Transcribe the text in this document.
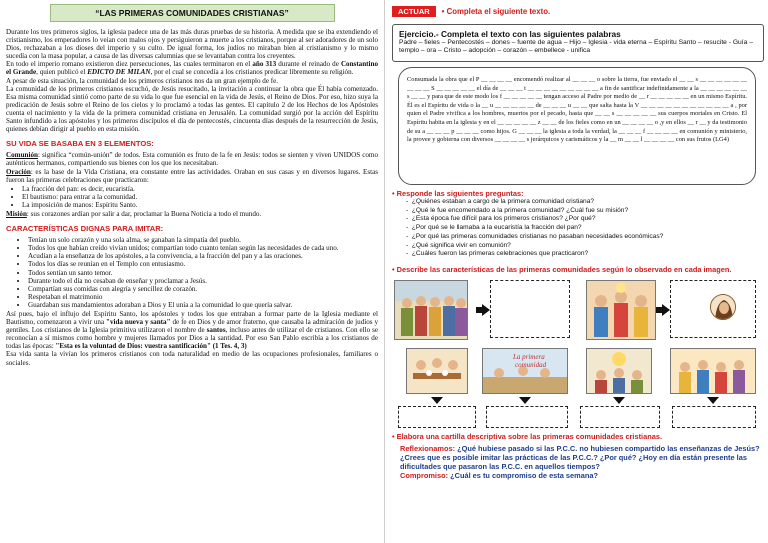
“LAS PRIMERAS COMUNIDADES CRISTIANAS”

Durante los tres primeros siglos, la iglesia padece una de las más duras pruebas de su historia. A medida que se iba extendiendo el cristianismo, los emperadores lo veían con malos ojos y persiguieron a muerte a los cristianos, porque al ser adoradores de un solo Dios, rechazaban a los dioses del imperio y su culto. De igual forma, los judíos no miraban bien al cristianismo y lo mismo sucedía con la masa popular, a causa de las diversas calumnias que se levantaban contra los creyentes.

En todo el imperio romano existieron diez persecuciones, las cuales terminaron en el año 313 durante el reinado de Constantino el Grande, quien publicó el EDICTO DE MILAN, por el cual se concedía a los cristianos predicar libremente su religión.

A pesar de esta situación, la comunidad de los primeros cristianos nos da un gran ejemplo de fe.

La comunidad de los primeros cristianos escuchó, de Jesús resucitado, la invitación a continuar la obra que Él había comenzado. Esa misma comunidad sintió como parte de su vida lo que fue esencial en la vida de Jesús, el Reino de Dios. Por eso, hizo suya la predicación de Jesús sobre el Reino de los cielos y lo proclamó a todas las gentes. El capítulo 2 de los Hechos de los Apóstoles cuenta el nacimiento y la vida de la primera comunidad cristiana en Jerusalén. La comunidad surgió por la acción del Espíritu Santo infundido a los apóstoles y los primeros discípulos el día de pentecostés, cincuenta días después de la resurrección de Jesús, quienes debían dirigir al pueblo en esta misión.

SU VIDA SE BASABA EN 3 ELEMENTOS:

Comunión: significa “común-unión” de todos. Esta comunión es fruto de la fe en Jesús: todos se sienten y viven UNIDOS como auténticos hermanos, compartiendo sus bienes con los que los necesitaban.

Oración: es la base de la Vida Cristiana, era constante entre las actividades. Oraban en sus casas y en diversos lugares. Estas fueron las primeras celebraciones que practicaron:

• La fracción del pan: es decir, eucaristía.
• El bautismo: para entrar a la comunidad.
• La imposición de manos: Espíritu Santo.

Misión: sus corazones ardían por salir a dar, proclamar la Buena Noticia a todo el mundo.

CARACTERÍSTICAS DIGNAS PARA IMITAR:
• Tenían un solo corazón y una sola alma, se ganaban la simpatía del pueblo.
• Todos los que habían creído vivían unidos; compartían todo cuanto tenían según las necesidades de cada uno.
• Acudían a la enseñanza de los apóstoles, a la convivencia, a la fracción del pan y a las oraciones.
• Todos los días se reunían en el Templo con entusiasmo.
• Todos sentían un santo temor.
• Durante todo el día no cesaban de enseñar y proclamar a Jesús.
• Compartían sus comidas con alegría y sencillez de corazón.
• Respetaban el matrimonio
• Guardaban sus mandamientos adoraban a Dios y El unía a la comunidad lo que quería salvar.

Así pues, bajo el influjo del Espíritu Santo, los apóstoles y todos los que entraban a formar parte de la Iglesia mediante el Bautismo, comenzaron a vivir una "vida nueva y santa" de fe en Dios y de amor fraterno, que causaba la admiración de judíos y gentiles. Los cristianos de la Iglesia primitiva utilizaron el nombre de santos, incluso antes de utilizar el de cristianos. Con ello se reconocían a sí mismos como hombre y mujeres llamados por Dios a la santidad. Por eso San Pablo escribía a los cristianos de todas las épocas: "Esta es la voluntad de Dios: vuestra santificación" (1 Tes. 4, 3)

Esa vida santa la vivían los primeros cristianos con toda naturalidad en medio de las ocupaciones profesionales, familiares o sociales.

ACTUAR	• Completa el siguiente texto.
Ejercicio.- Completa el texto con las siguientes palabras
Padre – fieles – Pentecostés – dones – fuente de agua – Hijo – Iglesia - vida eterna – Espíritu Santo – resucite - Guía – templo – ora – Cristo – adopción – corazón – embellece - unifica
Consumada la obra que el P __ __ __ __ encomendó realizar al __ __ __ o sobre la tierra, fue enviado el __ __ s __ __ __ __ __ __ __ __ __ S __ __ __ __ __ el día de __ __ __ t __ __ __ __ __ __ __ __ __ a fin de santificar indefinidamente a la __ __ __ __ __ __ s __ __ y para que de este modo los f __ __ __ __ __ tengan acceso al Padre por medio de __ r __ __ __ __ __ en un mismo Espíritu. Él es el Espíritu de vida o la __ u __ __ __ __ __ de __ __ __ u __ __ que salta hasta la V __ __ __ __ __ __ __ __ __ __ __ a , por quien el Padre vivifica a los hombres, muertos por el pecado, hasta que __ __ s __ __ __ __ __ sus cuerpos mortales en Cristo. El Espíritu habita en la iglesia y en el __ __ __ __ __ z __ __ de los fieles como en un __ __ __ __ o ,y en ellos __ r __ y da testimonio de su a __ __ __ p __ __ __ como hijos. G __ __ __ la iglesia a toda la verdad, la __ __ __ f __ __ __ __ en comunión y ministerio, la provee y gobierna con diversos __ __ __ __ s jerárquicos y carismáticos y la __ m __ __ l __ __ __ __ con sus frutos (LG4)
• Responde las siguientes preguntas:
-  ¿Quiénes estaban a cargo de la primera comunidad cristiana?
-  ¿Qué le fue encomendado a la primera comunidad? ¿Cuál fue su misión?
-  ¿Esta época fue difícil para los primeros cristianos? ¿Por qué?
-  ¿Por qué se le llamaba a la eucaristía la fracción del pan?
-  ¿Por qué las primeras comunidades cristianas no pasaban necesidades económicas?
-  ¿Qué significa vivir en comunión?
-  ¿Cuáles fueron las primeras celebraciones que practicaron?
• Describe las características de las primeras comunidades según lo observado en cada imagen.
La primera
comunidad
• Elabora una cartilla descriptiva sobre las primeras comunidades cristianas.
Reflexionamos: ¿Qué hubiese pasado si las P.C.C. no hubiesen compartido las enseñanzas de Jesús? ¿Crees que es posible imitar las prácticas de las P.C.C.? ¿Por qué? ¿Hoy en día están presente las dificultades que pasaron las P.C.C. en aquellos tiempos?
Compromiso: ¿Cuál es tu compromiso de esta semana?
